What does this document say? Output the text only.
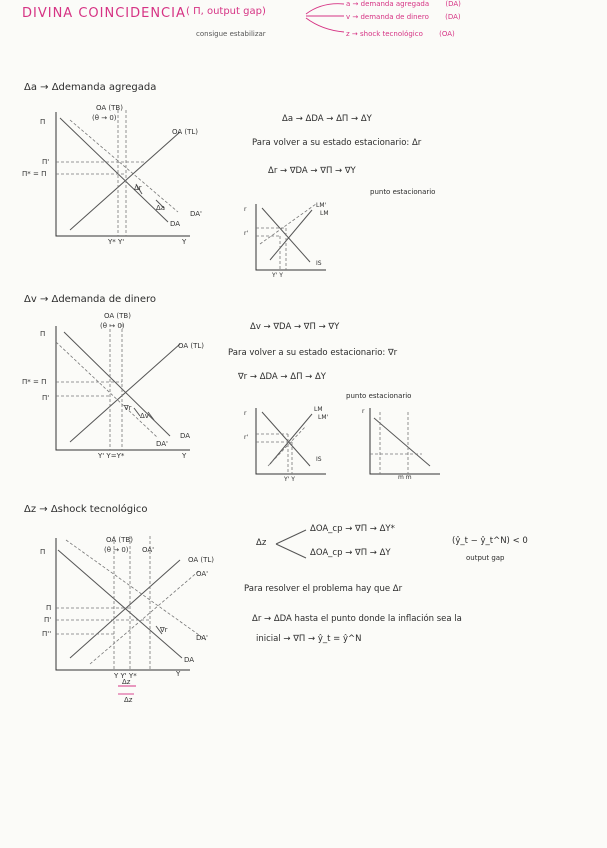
DIVINA COINCIDENCIA ( Π, output gap)
consigue estabilizar
a → demanda agregada (DA)
v → demanda de dinero (DA)
z → shock tecnológico (OA)
Δa → Δdemanda agregada
Π
Y
OA (TB)
(θ → 0)
OA (TL)
DA
DA'
Π'
Π* = Π
Y* Y'
Δr
Δa
Δa → ΔDA → ΔΠ → ΔY
Para volver a su estado estacionario: Δr
Δr → ∇DA → ∇Π → ∇Y
punto estacionario
LM'
LM
IS
r
r'
Y' Y
Δv → Δdemanda de dinero
Π
Y
OA (TB)
(θ → 0)
OA (TL)
DA
DA'
Π* = Π
Π'
Y' Y=Y*
∇r
Δv
Δv → ∇DA → ∇Π → ∇Y
Para volver a su estado estacionario: ∇r
∇r → ΔDA → ΔΠ → ΔY
punto estacionario
LM
LM'
IS
r
r'
Y' Y
r
m m
Δz → Δshock tecnológico
Π
Y
OA (TB)
(θ → 0) OA'
OA (TL)
OA'
DA
DA'
Π
Π'
Π''
Y Y' Y*
∇r
Δz
Δz
Δz
ΔOA_cp → ∇Π → ΔY*
ΔOA_cp → ∇Π → ΔY
(ŷ_t − ŷ_t^N) < 0
output gap
Para resolver el problema hay que Δr
Δr → ΔDA hasta el punto donde la inflación sea la
inicial → ∇Π → ŷ_t = ŷ^N
